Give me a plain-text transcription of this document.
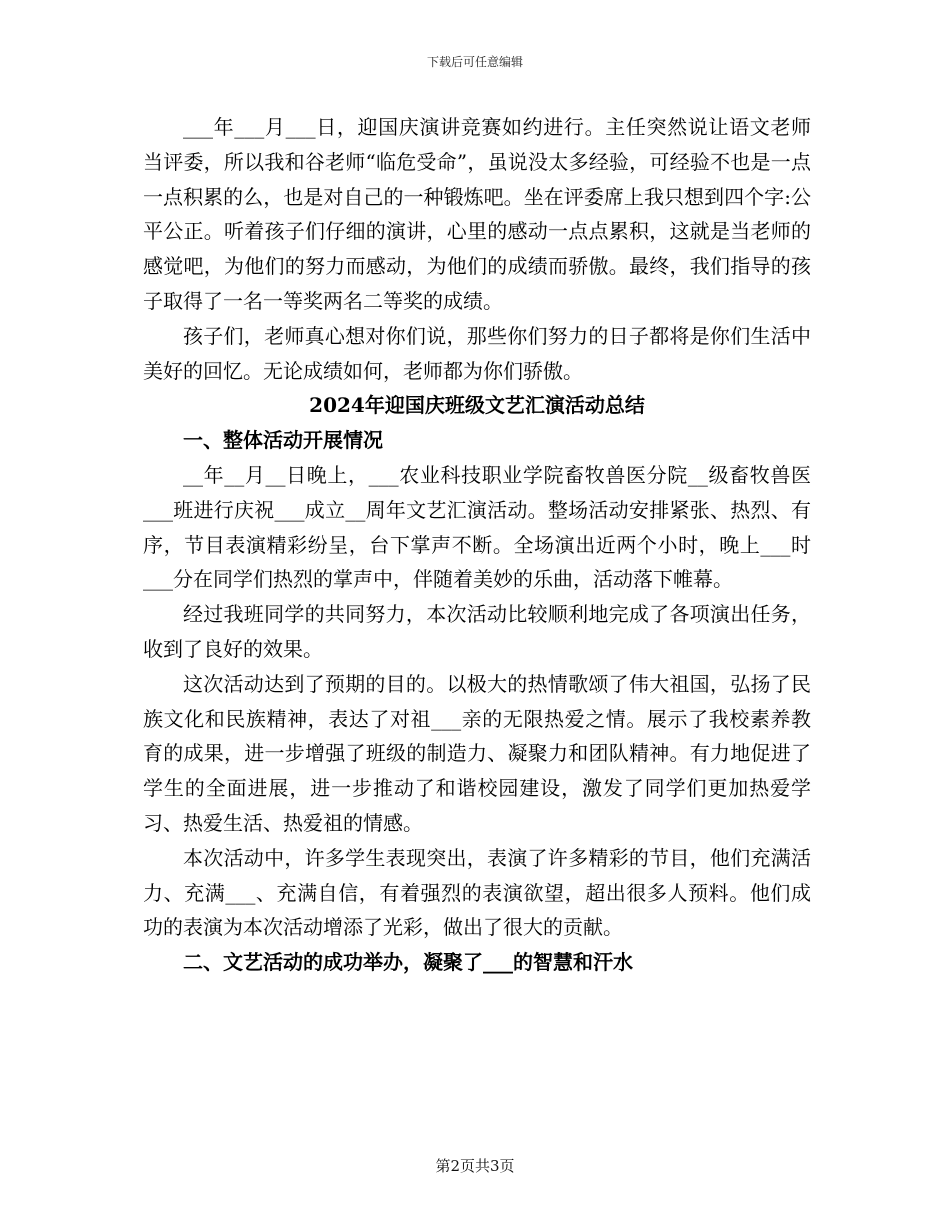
下载后可任意编辑

___年___月___日，迎国庆演讲竞赛如约进行。主任突然说让语文老师当评委，所以我和谷老师“临危受命”，虽说没太多经验，可经验不也是一点一点积累的么，也是对自己的一种锻炼吧。坐在评委席上我只想到四个字:公平公正。听着孩子们仔细的演讲，心里的感动一点点累积，这就是当老师的感觉吧，为他们的努力而感动，为他们的成绩而骄傲。最终，我们指导的孩子取得了一名一等奖两名二等奖的成绩。

孩子们，老师真心想对你们说，那些你们努力的日子都将是你们生活中美好的回忆。无论成绩如何，老师都为你们骄傲。

2024年迎国庆班级文艺汇演活动总结
一、整体活动开展情况

__年__月__日晚上，___农业科技职业学院畜牧兽医分院__级畜牧兽医___班进行庆祝___成立__周年文艺汇演活动。整场活动安排紧张、热烈、有序，节目表演精彩纷呈，台下掌声不断。全场演出近两个小时，晚上___时___分在同学们热烈的掌声中，伴随着美妙的乐曲，活动落下帷幕。

经过我班同学的共同努力，本次活动比较顺利地完成了各项演出任务，收到了良好的效果。

这次活动达到了预期的目的。以极大的热情歌颂了伟大祖国，弘扬了民族文化和民族精神，表达了对祖___亲的无限热爱之情。展示了我校素养教育的成果，进一步增强了班级的制造力、凝聚力和团队精神。有力地促进了学生的全面进展，进一步推动了和谐校园建设，激发了同学们更加热爱学习、热爱生活、热爱祖的情感。

本次活动中，许多学生表现突出，表演了许多精彩的节目，他们充满活力、充满___、充满自信，有着强烈的表演欲望，超出很多人预料。他们成功的表演为本次活动增添了光彩，做出了很大的贡献。

二、文艺活动的成功举办，凝聚了___的智慧和汗水
第2页共3页
